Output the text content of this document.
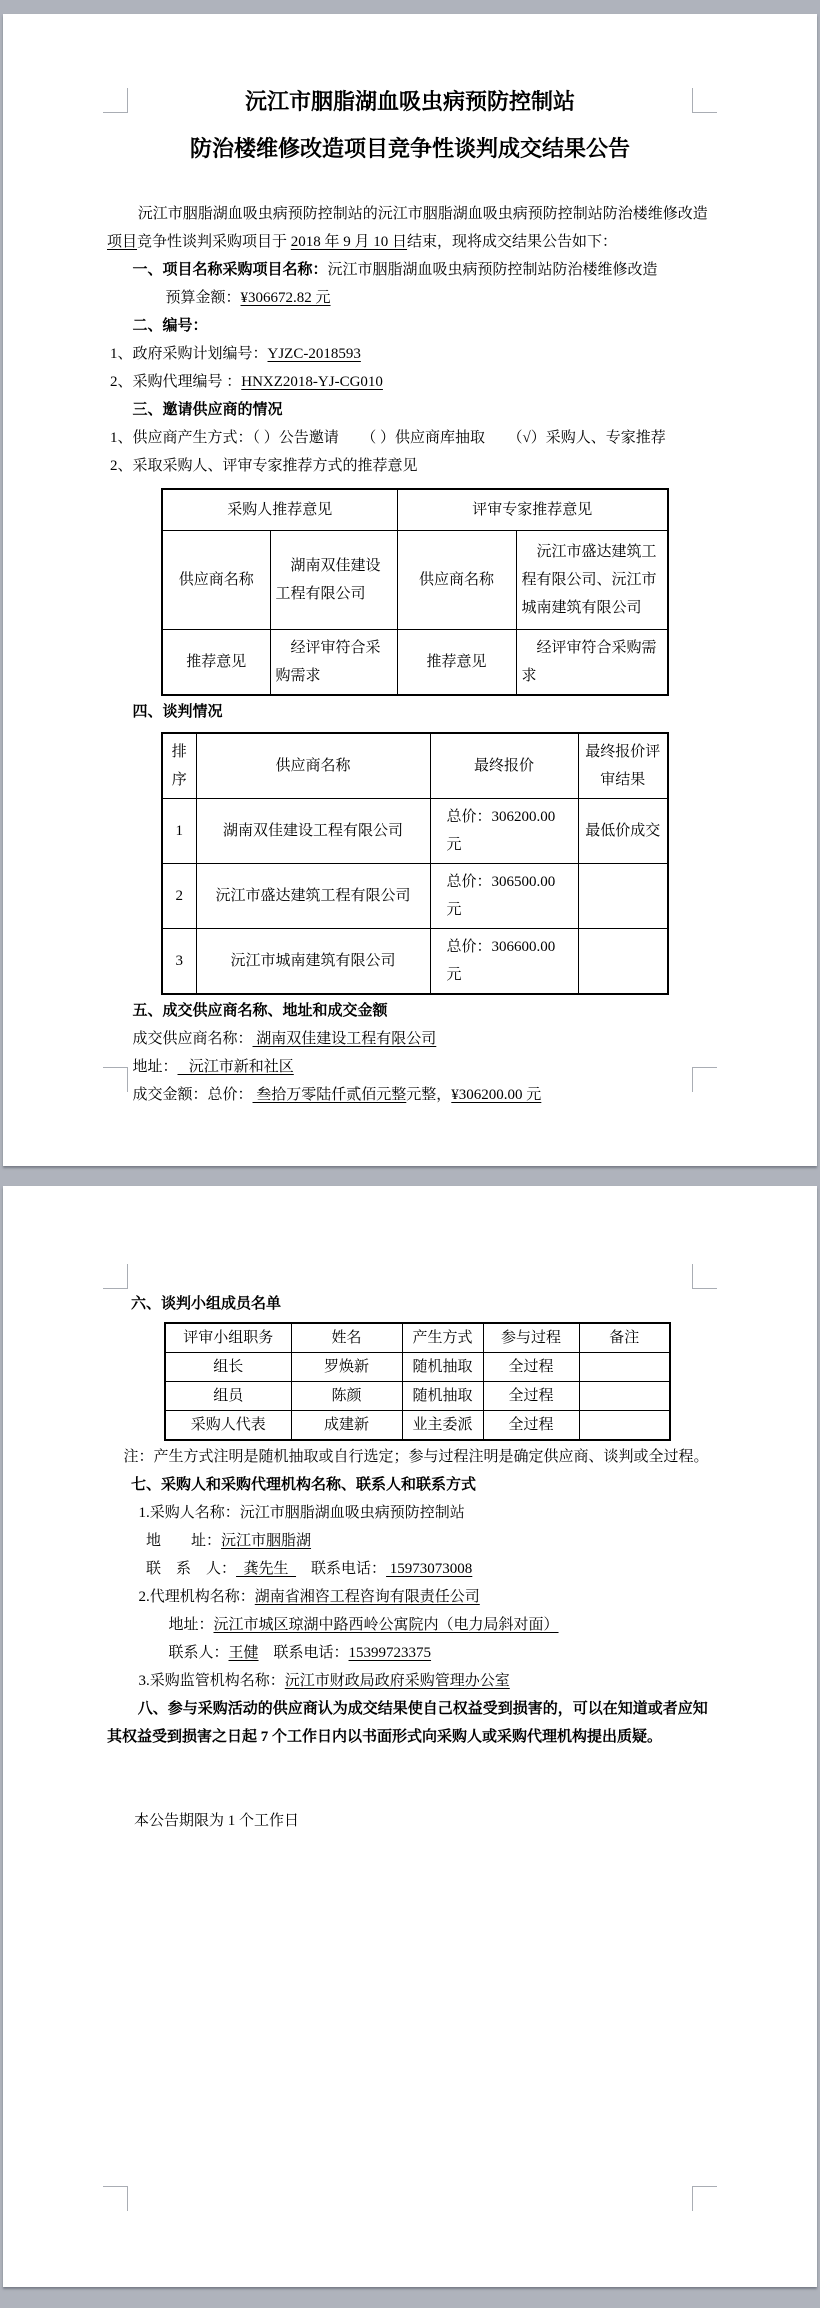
沅江市胭脂湖血吸虫病预防控制站
防治楼维修改造项目竞争性谈判成交结果公告

沅江市胭脂湖血吸虫病预防控制站的沅江市胭脂湖血吸虫病预防控制站防治楼维修改造项目竞争性谈判采购项目于 2018 年 9 月 10 日结束，现将成交结果公告如下：

一、项目名称采购项目名称：沅江市胭脂湖血吸虫病预防控制站防治楼维修改造

预算金额：¥306672.82 元

二、编号：

1、政府采购计划编号：YJZC-2018593

2、采购代理编号 ：HNXZ2018-YJ-CG010

三、邀请供应商的情况

1、供应商产生方式：（ ）公告邀请　　（ ）供应商库抽取　　（√）采购人、专家推荐

2、采取采购人、评审专家推荐方式的推荐意见

采购人推荐意见		评审专家推荐意见	
供应商名称	湖南双佳建设工程有限公司	供应商名称	沅江市盛达建筑工程有限公司、沅江市城南建筑有限公司
推荐意见	经评审符合采购需求	推荐意见	经评审符合采购需求

四、谈判情况

排序	供应商名称	最终报价	最终报价评审结果
1	湖南双佳建设工程有限公司	总价：306200.00 元	最低价成交
2	沅江市盛达建筑工程有限公司	总价：306500.00 元	
3	沅江市城南建筑有限公司	总价：306600.00 元	

五、成交供应商名称、地址和成交金额

成交供应商名称： 湖南双佳建设工程有限公司

地址：   沅江市新和社区

成交金额：总价： 叁拾万零陆仟贰佰元整元整，¥306200.00 元

六、谈判小组成员名单

评审小组职务	姓名	产生方式	参与过程	备注
组长	罗焕新	随机抽取	全过程	
组员	陈颜	随机抽取	全过程	
采购人代表	成建新	业主委派	全过程	

注：产生方式注明是随机抽取或自行选定；参与过程注明是确定供应商、谈判或全过程。

七、采购人和采购代理机构名称、联系人和联系方式

1.采购人名称：沅江市胭脂湖血吸虫病预防控制站

地　　址：沅江市胭脂湖

联　系　人：  龚先生  　联系电话： 15973073008

2.代理机构名称：湖南省湘咨工程咨询有限责任公司

地址：沅江市城区琼湖中路西岭公寓院内（电力局斜对面）

联系人：王健　联系电话：15399723375

3.采购监管机构名称：沅江市财政局政府采购管理办公室

八、参与采购活动的供应商认为成交结果使自己权益受到损害的，可以在知道或者应知其权益受到损害之日起 7 个工作日内以书面形式向采购人或采购代理机构提出质疑。

本公告期限为 1 个工作日
